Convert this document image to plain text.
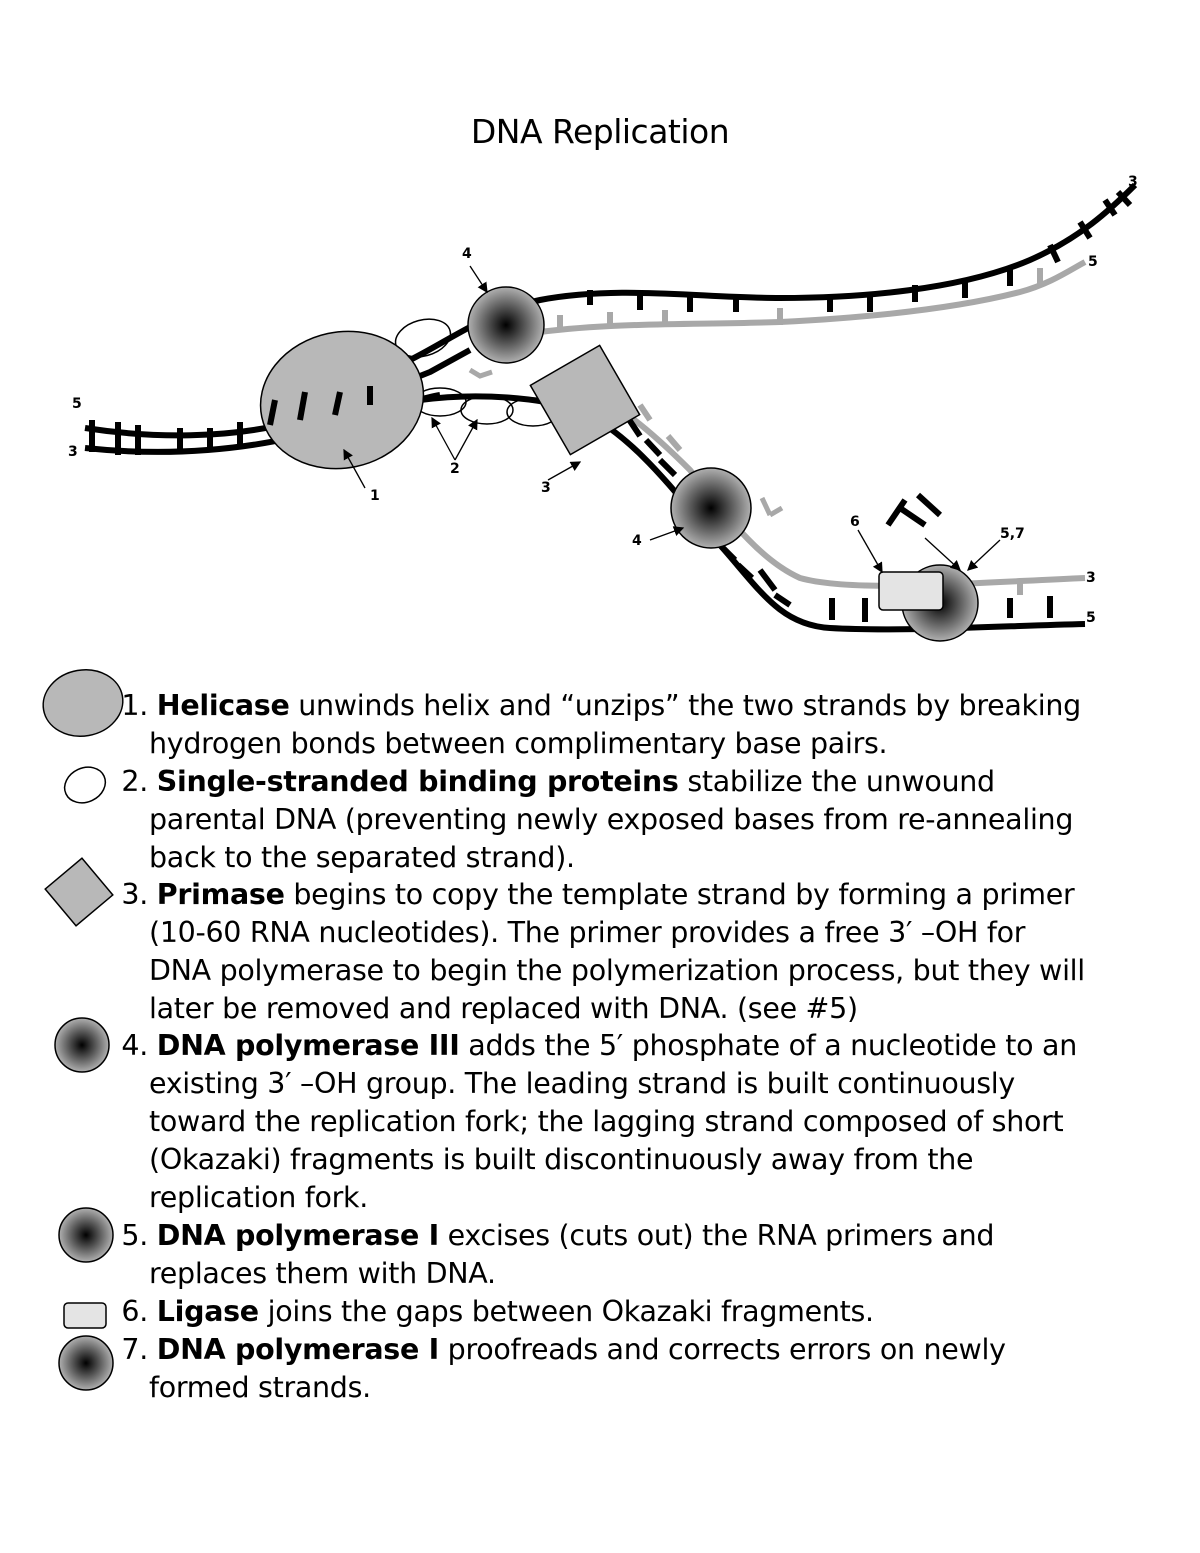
DNA Replication
1
2
3
4
4
6
5,7
5
3
3
5
3
5
1. Helicase unwinds helix and “unzips” the two strands by breaking
hydrogen bonds between complimentary base pairs.
2. Single-stranded binding proteins stabilize the unwound
parental DNA (preventing newly exposed bases from re-annealing
back to the separated strand).
3. Primase begins to copy the template strand by forming a primer
(10-60 RNA nucleotides). The primer provides a free 3′ –OH for
DNA polymerase to begin the polymerization process, but they will
later be removed and replaced with DNA. (see #5)
4. DNA polymerase III adds the 5′ phosphate of a nucleotide to an
existing 3′ –OH group. The leading strand is built continuously
toward the replication fork; the lagging strand composed of short
(Okazaki) fragments is built discontinuously away from the
replication fork.
5. DNA polymerase I excises (cuts out) the RNA primers and
replaces them with DNA.
6. Ligase joins the gaps between Okazaki fragments.
7. DNA polymerase I proofreads and corrects errors on newly
formed strands.
